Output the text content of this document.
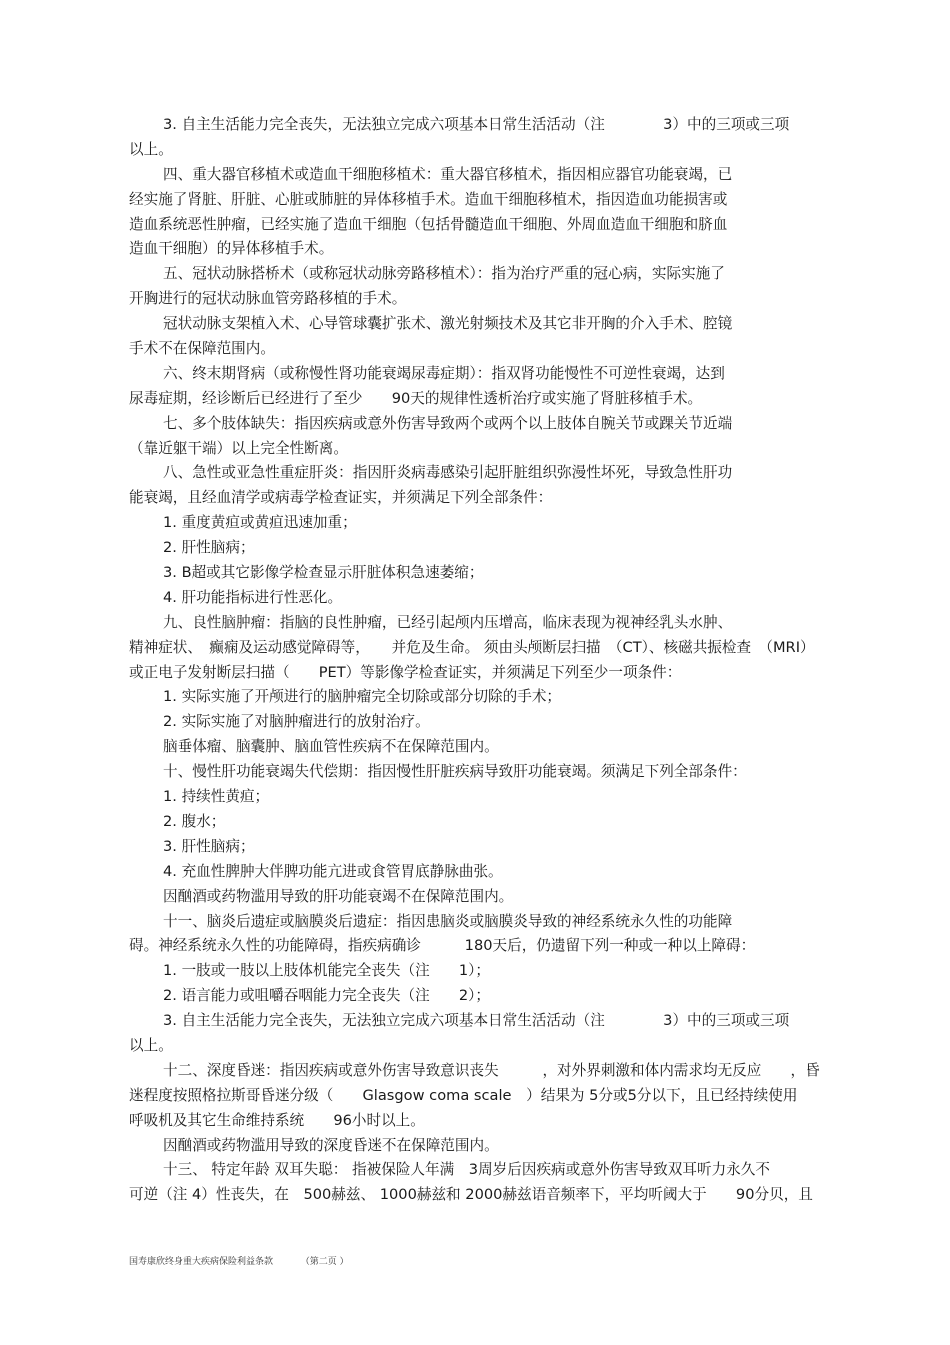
3. 自主生活能力完全丧失，无法独立完成六项基本日常生活活动（注　　　　3）中的三项或三项
以上。
四、重大器官移植术或造血干细胞移植术：重大器官移植术，指因相应器官功能衰竭，已
经实施了肾脏、肝脏、心脏或肺脏的异体移植手术。造血干细胞移植术，指因造血功能损害或
造血系统恶性肿瘤，已经实施了造血干细胞（包括骨髓造血干细胞、外周血造血干细胞和脐血
造血干细胞）的异体移植手术。
五、冠状动脉搭桥术（或称冠状动脉旁路移植术）：指为治疗严重的冠心病，实际实施了
开胸进行的冠状动脉血管旁路移植的手术。
冠状动脉支架植入术、心导管球囊扩张术、激光射频技术及其它非开胸的介入手术、腔镜
手术不在保障范围内。
六、终末期肾病（或称慢性肾功能衰竭尿毒症期）：指双肾功能慢性不可逆性衰竭，达到
尿毒症期，经诊断后已经进行了至少　　90天的规律性透析治疗或实施了肾脏移植手术。
七、多个肢体缺失：指因疾病或意外伤害导致两个或两个以上肢体自腕关节或踝关节近端
（靠近躯干端）以上完全性断离。
八、急性或亚急性重症肝炎：指因肝炎病毒感染引起肝脏组织弥漫性坏死，导致急性肝功
能衰竭，且经血清学或病毒学检查证实，并须满足下列全部条件：
1. 重度黄疸或黄疸迅速加重；
2. 肝性脑病；
3. B超或其它影像学检查显示肝脏体积急速萎缩；
4. 肝功能指标进行性恶化。
九、良性脑肿瘤：指脑的良性肿瘤，已经引起颅内压增高，临床表现为视神经乳头水肿、
精神症状、　癫痫及运动感觉障碍等，　　并危及生命。 须由头颅断层扫描　（CT）、核磁共振检查　（MRI）
或正电子发射断层扫描（　　PET）等影像学检查证实，并须满足下列至少一项条件：
1. 实际实施了开颅进行的脑肿瘤完全切除或部分切除的手术；
2. 实际实施了对脑肿瘤进行的放射治疗。
脑垂体瘤、脑囊肿、脑血管性疾病不在保障范围内。
十、慢性肝功能衰竭失代偿期：指因慢性肝脏疾病导致肝功能衰竭。须满足下列全部条件：
1. 持续性黄疸；
2. 腹水；
3. 肝性脑病；
4. 充血性脾肿大伴脾功能亢进或食管胃底静脉曲张。
因酗酒或药物滥用导致的肝功能衰竭不在保障范围内。
十一、脑炎后遗症或脑膜炎后遗症：指因患脑炎或脑膜炎导致的神经系统永久性的功能障
碍。神经系统永久性的功能障碍，指疾病确诊　　　180天后，仍遗留下列一种或一种以上障碍：
1. 一肢或一肢以上肢体机能完全丧失（注　　1）；
2. 语言能力或咀嚼吞咽能力完全丧失（注　　2）；
3. 自主生活能力完全丧失，无法独立完成六项基本日常生活活动（注　　　　3）中的三项或三项
以上。
十二、深度昏迷：指因疾病或意外伤害导致意识丧失　　　，对外界刺激和体内需求均无反应　　，昏
迷程度按照格拉斯哥昏迷分级（　　Glasgow coma scale　）结果为 5分或5分以下，且已经持续使用
呼吸机及其它生命维持系统　　96小时以上。
因酗酒或药物滥用导致的深度昏迷不在保障范围内。
十三、 特定年龄 双耳失聪： 指被保险人年满　3周岁后因疾病或意外伤害导致双耳听力永久不
可逆（注 4）性丧失，在　500赫兹、 1000赫兹和 2000赫兹语音频率下，平均听阈大于　　90分贝，且
国寿康欣终身重大疾病保险利益条款	（第二页 ）
